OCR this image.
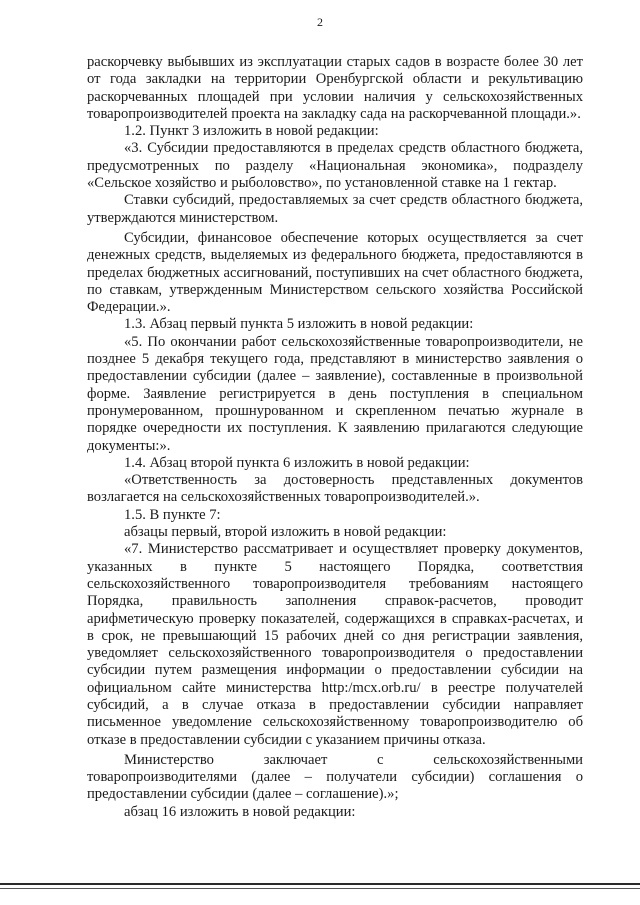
2

раскорчевку выбывших из эксплуатации старых садов в возрасте более 30 лет от года закладки на территории Оренбургской области и рекультивацию раскорчеванных площадей при условии наличия у сельскохозяйственных товаропроизводителей проекта на закладку сада на раскорчеванной площади.».

1.2. Пункт 3 изложить в новой редакции:

«3. Субсидии предоставляются в пределах средств областного бюджета, предусмотренных по разделу «Национальная экономика», подразделу «Сельское хозяйство и рыболовство», по установленной ставке на 1 гектар.

Ставки субсидий, предоставляемых за счет средств областного бюджета, утверждаются министерством.

Субсидии, финансовое обеспечение которых осуществляется за счет денежных средств, выделяемых из федерального бюджета, предоставляются в пределах бюджетных ассигнований, поступивших на счет областного бюджета, по ставкам, утвержденным Министерством сельского хозяйства Российской Федерации.».

1.3. Абзац первый пункта 5 изложить в новой редакции:

«5. По окончании работ сельскохозяйственные товаропроизводители, не позднее 5 декабря текущего года, представляют в министерство заявления о предоставлении субсидии (далее – заявление), составленные в произвольной форме. Заявление регистрируется в день поступления в специальном пронумерованном, прошнурованном и скрепленном печатью журнале в порядке очередности их поступления. К заявлению прилагаются следующие документы:».

1.4. Абзац второй пункта 6 изложить в новой редакции:

«Ответственность за достоверность представленных документов возлагается на сельскохозяйственных товаропроизводителей.».

1.5. В пункте 7:

абзацы первый, второй изложить в новой редакции:

«7. Министерство рассматривает и осуществляет проверку документов, указанных в пункте 5 настоящего Порядка, соответствия сельскохозяйственного товаропроизводителя требованиям настоящего Порядка, правильность заполнения справок-расчетов, проводит арифметическую проверку показателей, содержащихся в справках-расчетах, и в срок, не превышающий 15 рабочих дней со дня регистрации заявления, уведомляет сельскохозяйственного товаропроизводителя о предоставлении субсидии путем размещения информации о предоставлении субсидии на официальном сайте министерства http:/mcx.orb.ru/ в реестре получателей субсидий, а в случае отказа в предоставлении субсидии направляет письменное уведомление сельскохозяйственному товаропроизводителю об отказе в предоставлении субсидии с указанием причины отказа.

Министерство заключает с сельскохозяйственными товаропроизводителями (далее – получатели субсидии) соглашения о предоставлении субсидии (далее – соглашение).»;

абзац 16 изложить в новой редакции:
